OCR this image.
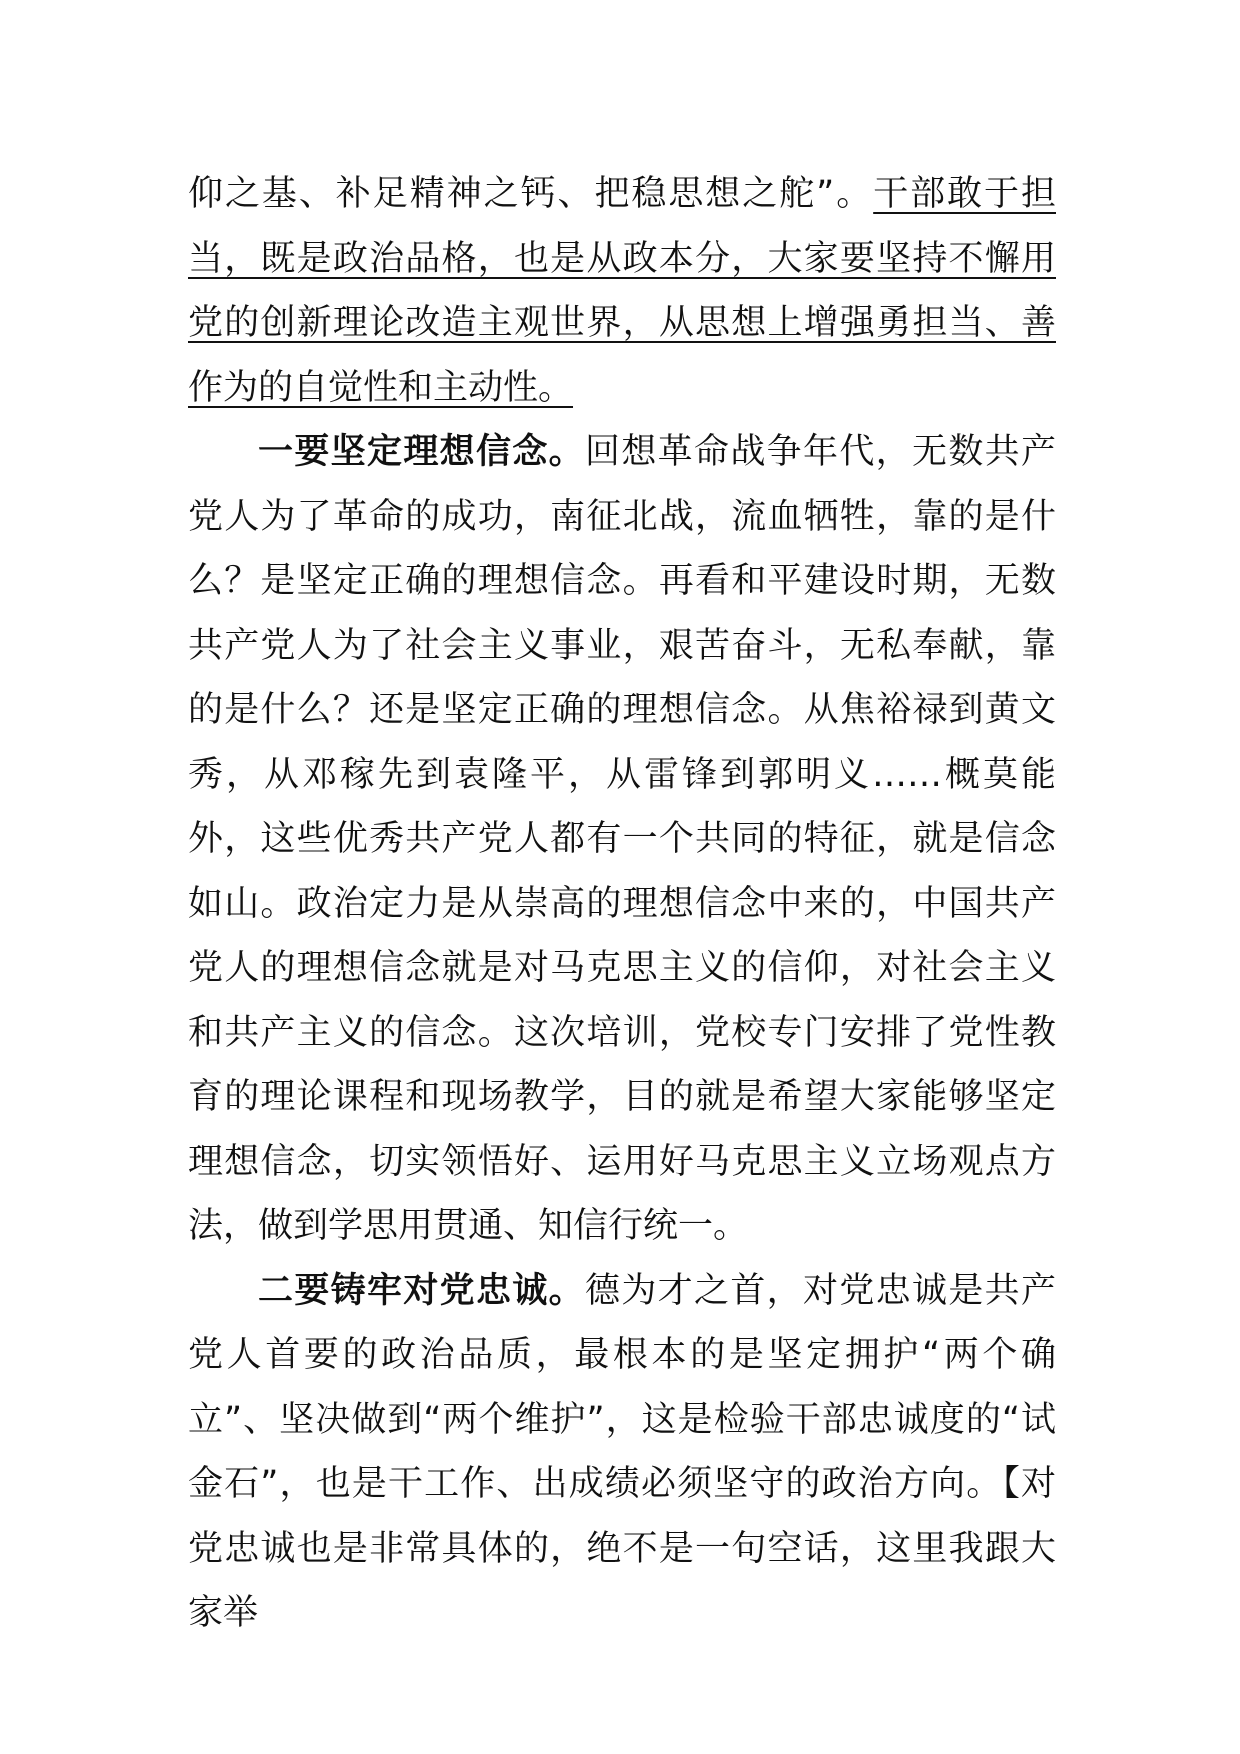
仰之基、补足精神之钙、把稳思想之舵”。干部敢于担当，既是政治品格，也是从政本分，大家要坚持不懈用党的创新理论改造主观世界，从思想上增强勇担当、善作为的自觉性和主动性。

一要坚定理想信念。回想革命战争年代，无数共产党人为了革命的成功，南征北战，流血牺牲，靠的是什么？是坚定正确的理想信念。再看和平建设时期，无数共产党人为了社会主义事业，艰苦奋斗，无私奉献，靠的是什么？还是坚定正确的理想信念。从焦裕禄到黄文秀，从邓稼先到袁隆平，从雷锋到郭明义……概莫能外，这些优秀共产党人都有一个共同的特征，就是信念如山。政治定力是从崇高的理想信念中来的，中国共产党人的理想信念就是对马克思主义的信仰，对社会主义和共产主义的信念。这次培训，党校专门安排了党性教育的理论课程和现场教学，目的就是希望大家能够坚定理想信念，切实领悟好、运用好马克思主义立场观点方法，做到学思用贯通、知信行统一。

二要铸牢对党忠诚。德为才之首，对党忠诚是共产党人首要的政治品质，最根本的是坚定拥护“两个确立”、坚决做到“两个维护”，这是检验干部忠诚度的“试金石”，也是干工作、出成绩必须坚守的政治方向。【对党忠诚也是非常具体的，绝不是一句空话，这里我跟大家举
